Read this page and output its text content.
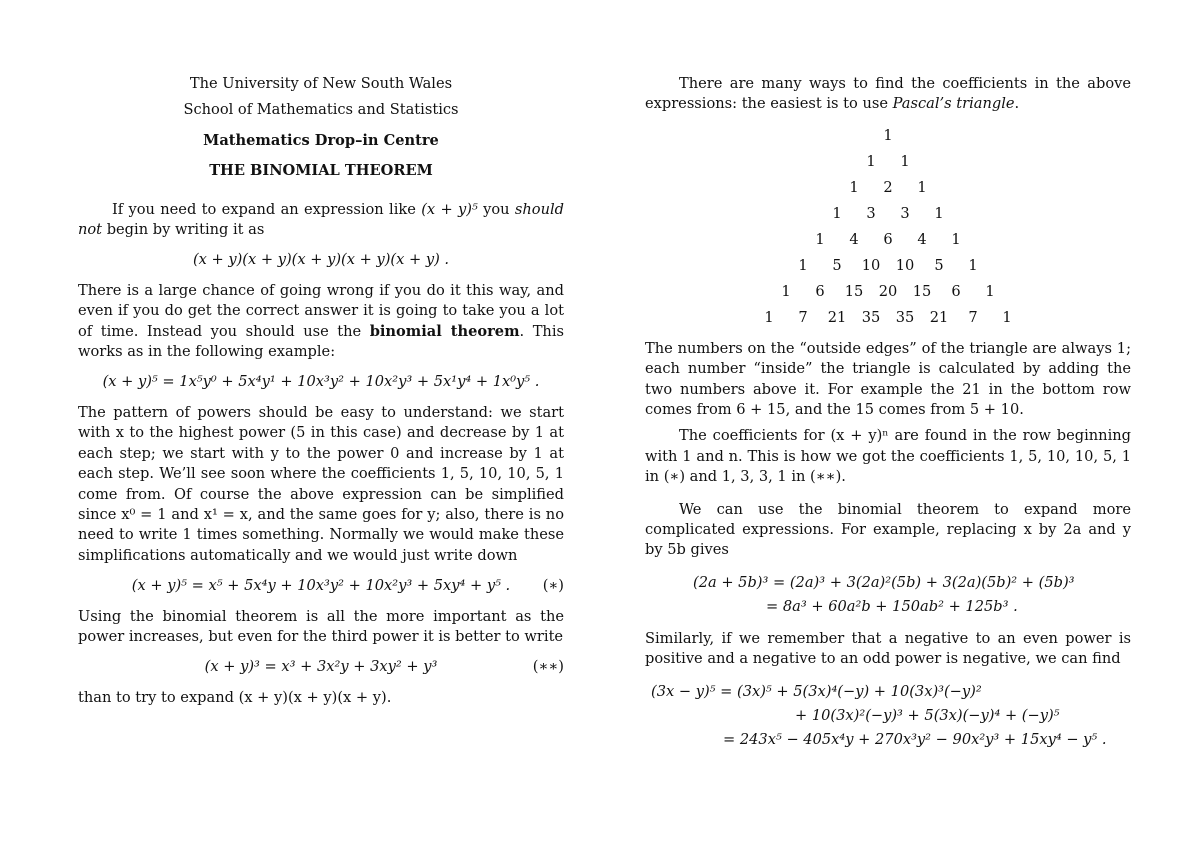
The University of New South Wales
School of Mathematics and Statistics
Mathematics Drop–in Centre
THE BINOMIAL THEOREM

If you need to expand an expression like (x + y)⁵ you should not begin by writing it as

(x + y)(x + y)(x + y)(x + y)(x + y) .

There is a large chance of going wrong if you do it this way, and even if you do get the correct answer it is going to take you a lot of time. Instead you should use the binomial theorem. This works as in the following example:

(x + y)⁵ = 1x⁵y⁰ + 5x⁴y¹ + 10x³y² + 10x²y³ + 5x¹y⁴ + 1x⁰y⁵ .

The pattern of powers should be easy to understand: we start with x to the highest power (5 in this case) and decrease by 1 at each step; we start with y to the power 0 and increase by 1 at each step. We’ll see soon where the coefficients 1, 5, 10, 10, 5, 1 come from. Of course the above expression can be simplified since x⁰ = 1 and x¹ = x, and the same goes for y; also, there is no need to write 1 times something. Normally we would make these simplifications automatically and we would just write down

(x + y)⁵ = x⁵ + 5x⁴y + 10x³y² + 10x²y³ + 5xy⁴ + y⁵ . (∗)

Using the binomial theorem is all the more important as the power increases, but even for the third power it is better to write

(x + y)³ = x³ + 3x²y + 3xy² + y³	(∗∗)

than to try to expand (x + y)(x + y)(x + y).

There are many ways to find the coefficients in the above expressions: the easiest is to use Pascal’s triangle.

1
1 1
1 2 1
1 3 3 1
1 4 6 4 1
1 5 10 10 5 1
1 6 15 20 15 6 1
1 7 21 35 35 21 7 1

The numbers on the “outside edges” of the triangle are always 1; each number “inside” the triangle is calculated by adding the two numbers above it. For example the 21 in the bottom row comes from 6 + 15, and the 15 comes from 5 + 10.

The coefficients for (x + y)ⁿ are found in the row beginning with 1 and n. This is how we got the coefficients 1, 5, 10, 10, 5, 1 in (∗) and 1, 3, 3, 1 in (∗∗).

We can use the binomial theorem to expand more complicated expressions. For example, replacing x by 2a and y by 5b gives

(2a + 5b)³ = (2a)³ + 3(2a)²(5b) + 3(2a)(5b)² + (5b)³
= 8a³ + 60a²b + 150ab² + 125b³ .

Similarly, if we remember that a negative to an even power is positive and a negative to an odd power is negative, we can find

(3x − y)⁵ = (3x)⁵ + 5(3x)⁴(−y) + 10(3x)³(−y)²
+ 10(3x)²(−y)³ + 5(3x)(−y)⁴ + (−y)⁵
= 243x⁵ − 405x⁴y + 270x³y² − 90x²y³ + 15xy⁴ − y⁵ .
